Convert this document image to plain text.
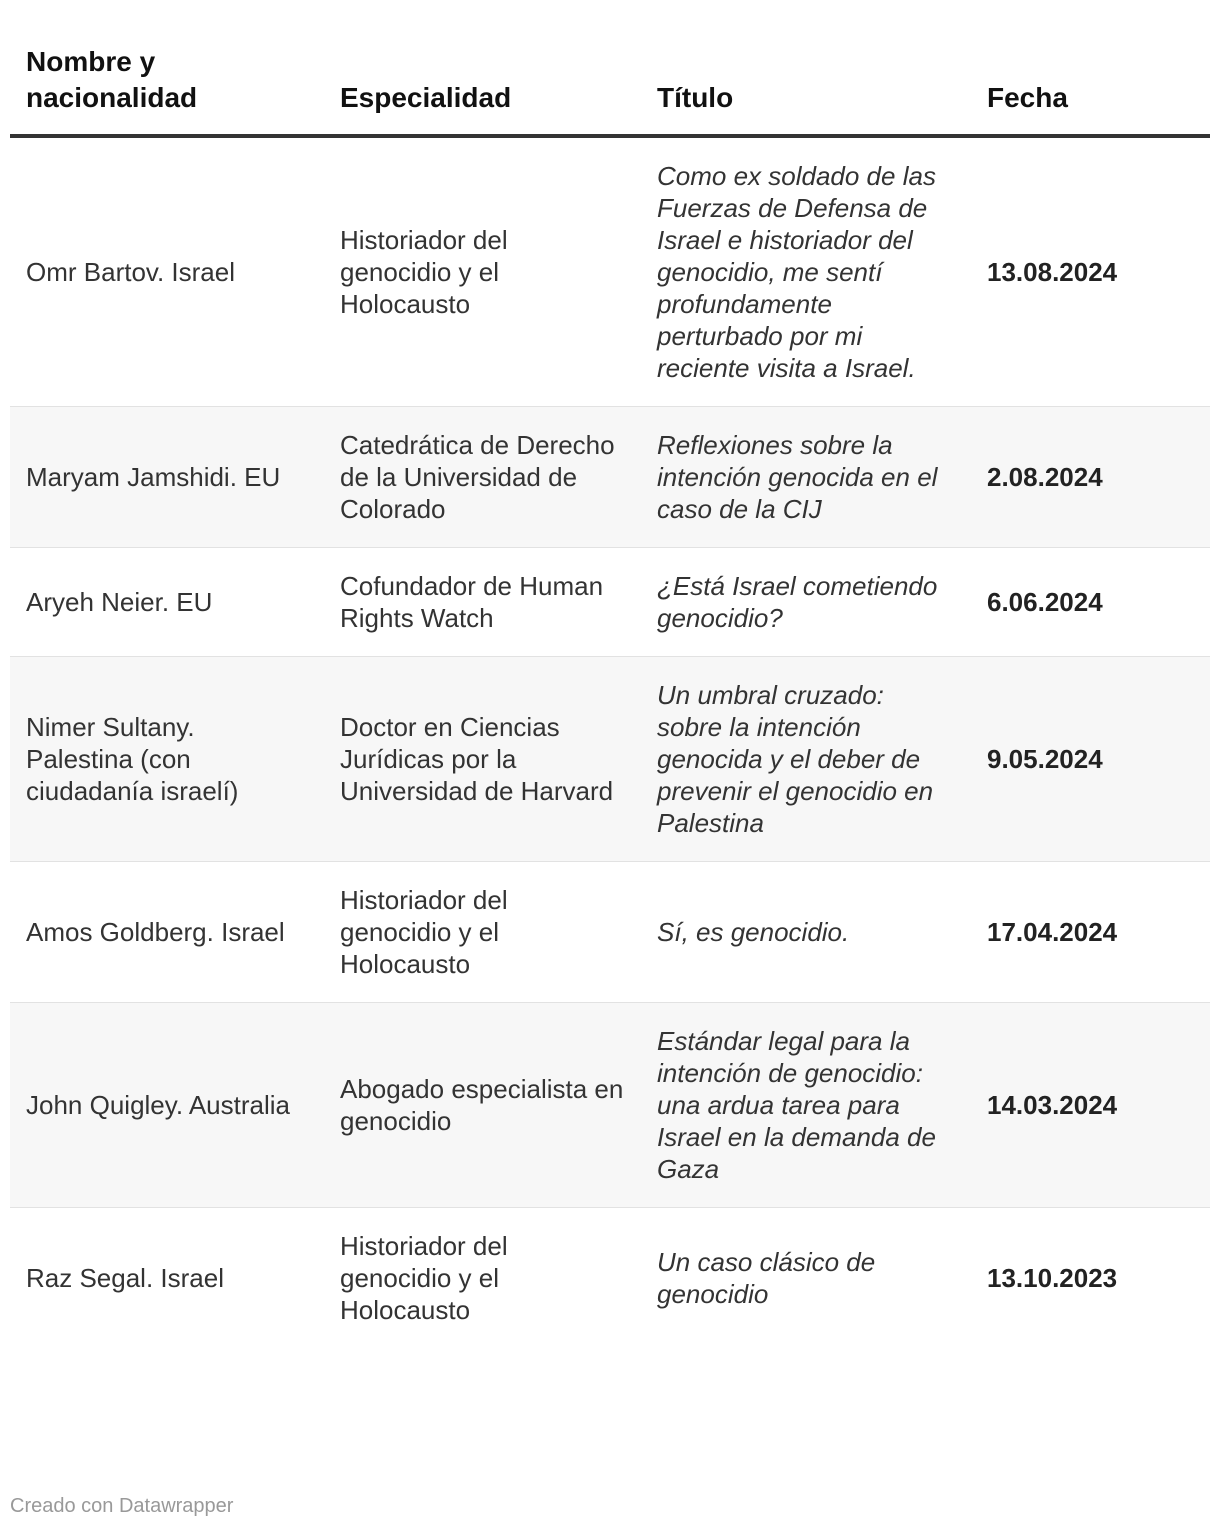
Nombre y nacionalidad	Especialidad	Título	Fecha
Omr Bartov. Israel	Historiador del genocidio y el Holocausto	Como ex soldado de las Fuerzas de Defensa de Israel e historiador del genocidio, me sentí profundamente perturbado por mi reciente visita a Israel.	13.08.2024
Maryam Jamshidi. EU	Catedrática de Derecho de la Universidad de Colorado	Reflexiones sobre la intención genocida en el caso de la CIJ	2.08.2024
Aryeh Neier. EU	Cofundador de Human Rights Watch	¿Está Israel cometiendo genocidio?	6.06.2024
Nimer Sultany. Palestina (con ciudadanía israelí)	Doctor en Ciencias Jurídicas por la Universidad de Harvard	Un umbral cruzado: sobre la intención genocida y el deber de prevenir el genocidio en Palestina	9.05.2024
Amos Goldberg. Israel	Historiador del genocidio y el Holocausto	Sí, es genocidio.	17.04.2024
John Quigley. Australia	Abogado especialista en genocidio	Estándar legal para la intención de genocidio: una ardua tarea para Israel en la demanda de Gaza	14.03.2024
Raz Segal. Israel	Historiador del genocidio y el Holocausto	Un caso clásico de genocidio	13.10.2023
Creado con Datawrapper
